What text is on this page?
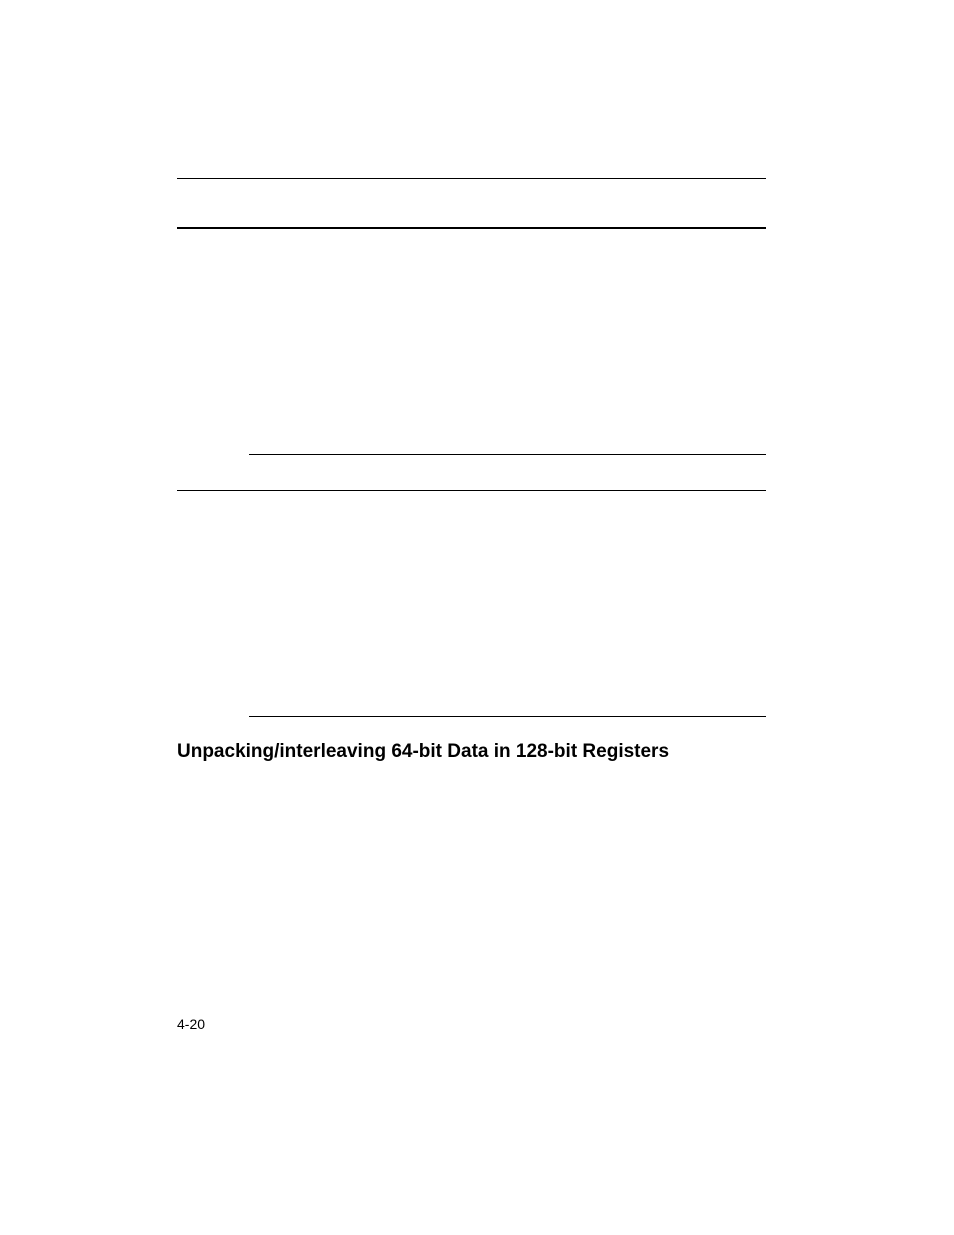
Unpacking/interleaving 64-bit Data in 128-bit Registers
4-20
